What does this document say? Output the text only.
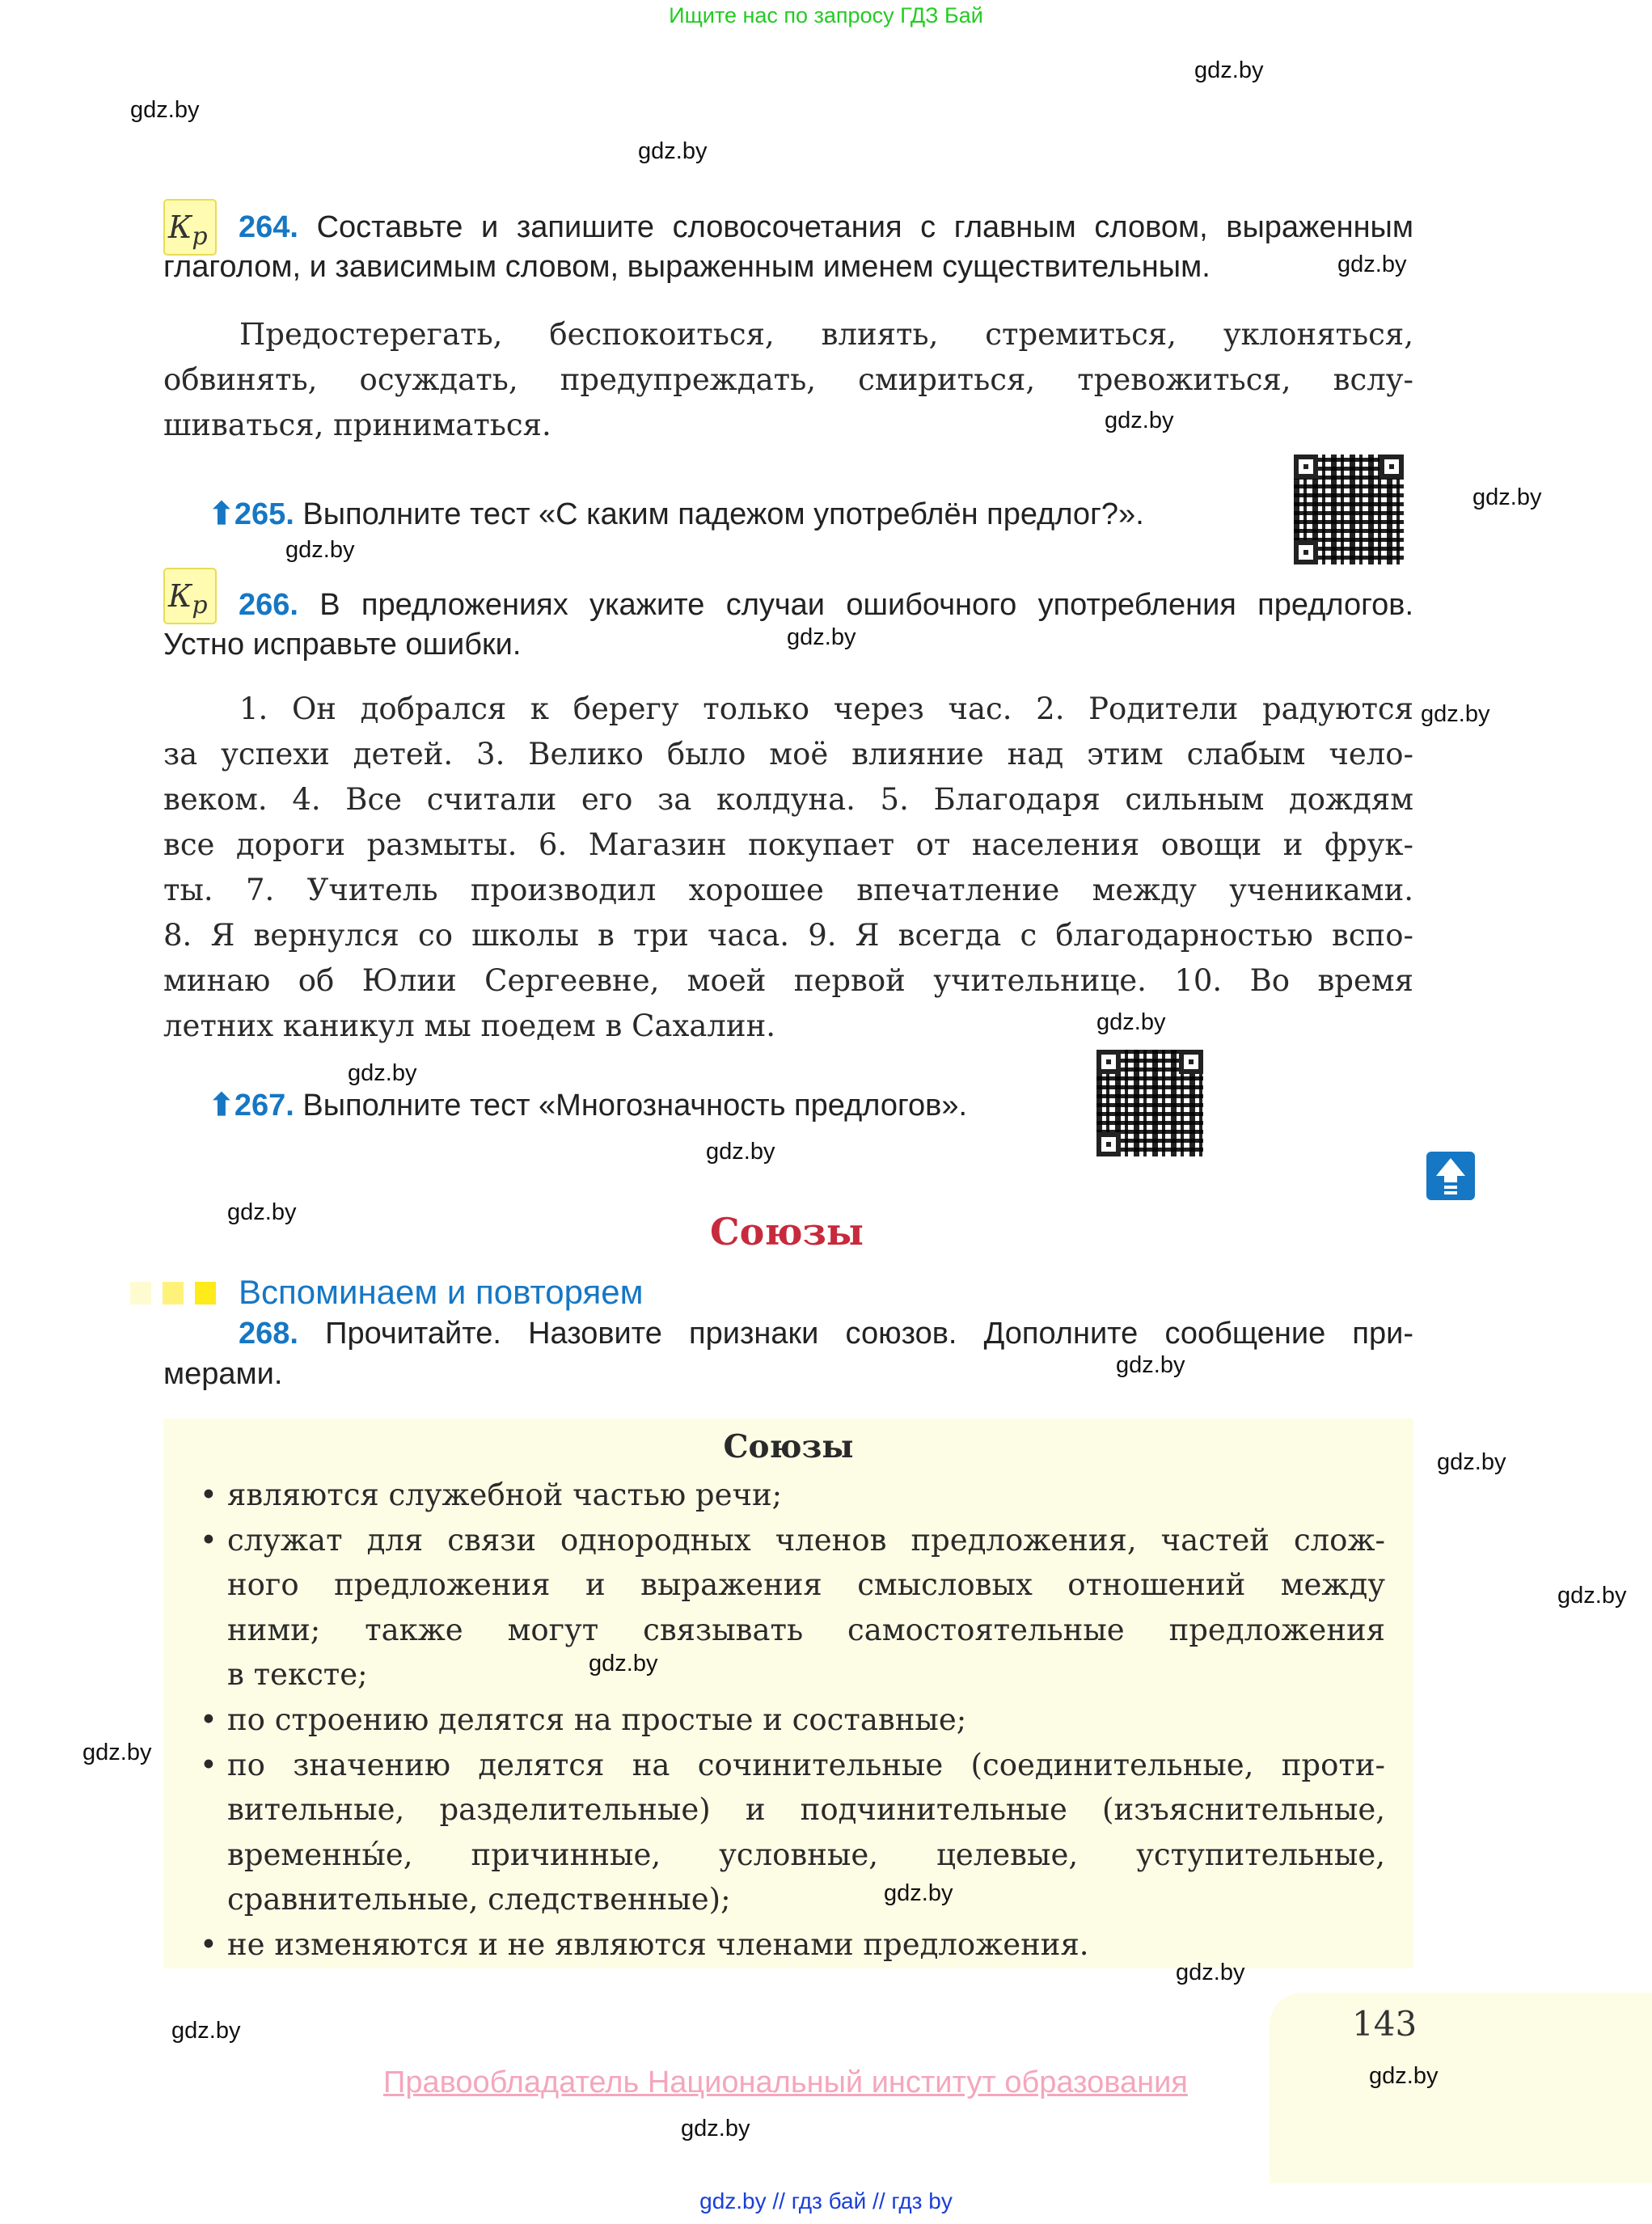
Ищите нас по запросу ГДЗ Бай
$К_р$ 264. Составьте и запишите словосочетания с главным словом, выраженным
глаголом, и зависимым словом, выраженным именем существительным.
Предостерегать, беспокоиться, влиять, стремиться, уклоняться,
обвинять, осуждать, предупреждать, смириться, тревожиться, вслу-
шиваться, приниматься.
⬆265. Выполните тест «С каким падежом употреблён предлог?».
$К_р$ 266. В предложениях укажите случаи ошибочного употребления предлогов.
Устно исправьте ошибки.
1. Он добрался к берегу только через час. 2. Родители радуются
за успехи детей. 3. Велико было моё влияние над этим слабым чело-
веком. 4. Все считали его за колдуна. 5. Благодаря сильным дождям
все дороги размыты. 6. Магазин покупает от населения овощи и фрук-
ты. 7. Учитель производил хорошее впечатление между учениками.
8. Я вернулся со школы в три часа. 9. Я всегда с благодарностью вспо-
минаю об Юлии Сергеевне, моей первой учительнице. 10. Во время
летних каникул мы поедем в Сахалин.
⬆267. Выполните тест «Многозначность предлогов».
Союзы
Вспоминаем и повторяем
268. Прочитайте. Назовите признаки союзов. Дополните сообщение при-
мерами.
Союзы
• являются служебной частью речи;
• служат для связи однородных членов предложения, частей слож-
ного предложения и выражения смысловых отношений между
ними; также могут связывать самостоятельные предложения
в тексте;
• по строению делятся на простые и составные;
• по значению делятся на сочинительные (соединительные, проти-
вительные, разделительные) и подчинительные (изъяснительные,
временны́е, причинные, условные, целевые, уступительные,
сравнительные, следственные);
• не изменяются и не являются членами предложения.
143
Правообладатель Национальный институт образования
gdz.by // гдз бай // гдз by
gdz.by
gdz.by
gdz.by
gdz.by
gdz.by
gdz.by
gdz.by
gdz.by
gdz.by
gdz.by
gdz.by
gdz.by
gdz.by
gdz.by
gdz.by
gdz.by
gdz.by
gdz.by
gdz.by
gdz.by
gdz.by
gdz.by
gdz.by
